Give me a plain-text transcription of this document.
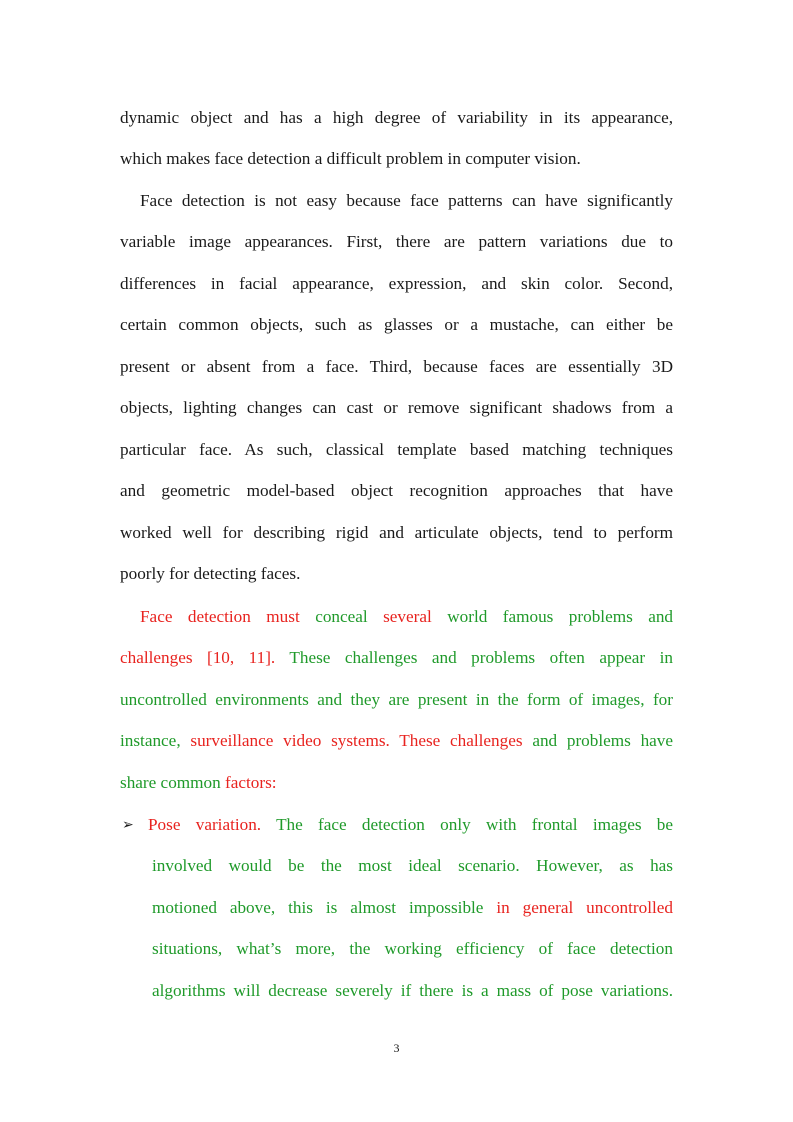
dynamic object and has a high degree of variability in its appearance,
which makes face detection a difficult problem in computer vision.
Face detection is not easy because face patterns can have significantly
variable image appearances. First, there are pattern variations due to
differences in facial appearance, expression, and skin color. Second,
certain common objects, such as glasses or a mustache, can either be
present or absent from a face. Third, because faces are essentially 3D
objects, lighting changes can cast or remove significant shadows from a
particular face. As such, classical template based matching techniques
and geometric model-based object recognition approaches that have
worked well for describing rigid and articulate objects, tend to perform
poorly for detecting faces.
Face detection must conceal several world famous problems and
challenges [10, 11]. These challenges and problems often appear in
uncontrolled environments and they are present in the form of images, for
instance, surveillance video systems. These challenges and problems have
share common factors:
➢ Pose variation. The face detection only with frontal images be
involved would be the most ideal scenario. However, as has
motioned above, this is almost impossible in general uncontrolled
situations, what’s more, the working efficiency of face detection
algorithms will decrease severely if there is a mass of pose variations.
3
